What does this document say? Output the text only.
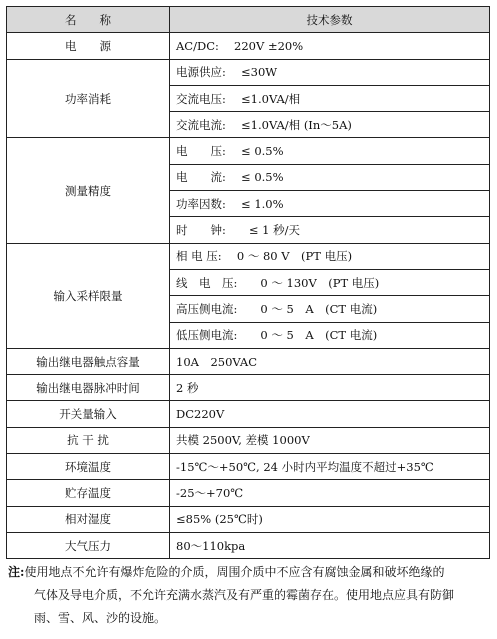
名　　称	技术参数
电　　源	AC/DC:　 220V ±20%
功率消耗	电源供应:　 ≤30W
	交流电压:　 ≤1.0VA/相
	交流电流:　 ≤1.0VA/相 (In～5A)
测量精度	电　　压:　 ≤ 0.5%
	电　　流:　 ≤ 0.5%
	功率因数:　 ≤ 1.0%
	时　　钟:　　≤ 1 秒/天
输入采样限量	相 电 压:　 0 ～ 80 V　(PT 电压)
	线　电　压:　　0 ～ 130V　(PT 电压)
	高压侧电流:　　0 ～ 5　A　(CT 电流)
	低压侧电流:　　0 ～ 5　A　(CT 电流)
输出继电器触点容量	10A　250VAC
输出继电器脉冲时间	2 秒
开关量输入	DC220V
抗 干 扰	共模 2500V, 差模 1000V
环境温度	-15℃～+50℃, 24 小时内平均温度不超过+35℃
贮存温度	-25～+70℃
相对湿度	≤85% (25℃时)
大气压力	80～110kpa
注:使用地点不允许有爆炸危险的介质，周围介质中不应含有腐蚀金属和破坏绝缘的
气体及导电介质，不允许充满水蒸汽及有严重的霉菌存在。使用地点应具有防御
雨、雪、风、沙的设施。
